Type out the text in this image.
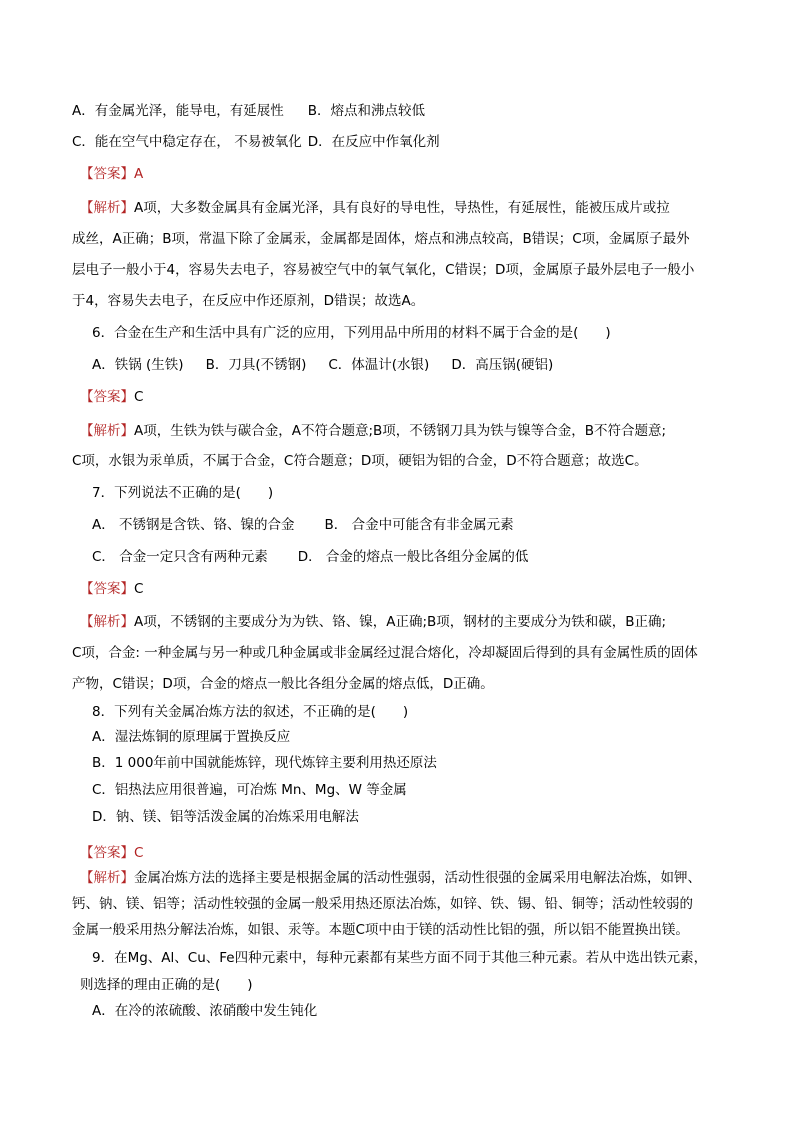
A．有金属光泽，能导电，有延展性 B．熔点和沸点较低
C．能在空气中稳定存在， 不易被氧化 D．在反应中作氧化剂
【答案】A
【解析】A项，大多数金属具有金属光泽，具有良好的导电性，导热性，有延展性，能被压成片或拉
成丝，A正确；B项，常温下除了金属汞，金属都是固体，熔点和沸点较高，B错误；C项，金属原子最外
层电子一般小于4，容易失去电子，容易被空气中的氧气氧化，C错误；D项，金属原子最外层电子一般小
于4，容易失去电子，在反应中作还原剂，D错误；故选A。
6．合金在生产和生活中具有广泛的应用，下列用品中所用的材料不属于合金的是(　　)
A．铁锅 (生铁) B．刀具(不锈钢) C．体温计(水银) D．高压锅(硬铝)
【答案】C
【解析】A项，生铁为铁与碳合金，A不符合题意;B项，不锈钢刀具为铁与镍等合金，B不符合题意;
C项，水银为汞单质，不属于合金，C符合题意；D项，硬铝为铝的合金，D不符合题意；故选C。
7．下列说法不正确的是(　　)
A． 不锈钢是含铁、铬、镍的合金 B． 合金中可能含有非金属元素
C． 合金一定只含有两种元素 D． 合金的熔点一般比各组分金属的低
【答案】C
【解析】A项，不锈钢的主要成分为为铁、铬、镍，A正确;B项，钢材的主要成分为铁和碳，B正确;
C项，合金: 一种金属与另一种或几种金属或非金属经过混合熔化，冷却凝固后得到的具有金属性质的固体
产物，C错误；D项，合金的熔点一般比各组分金属的熔点低，D正确。
8．下列有关金属冶炼方法的叙述，不正确的是(　　)
A．湿法炼铜的原理属于置换反应
B．1 000年前中国就能炼锌，现代炼锌主要利用热还原法
C．铝热法应用很普遍，可冶炼 Mn、Mg、W 等金属
D．钠、镁、铝等活泼金属的冶炼采用电解法
【答案】C
【解析】金属冶炼方法的选择主要是根据金属的活动性强弱，活动性很强的金属采用电解法冶炼，如钾、
钙、钠、镁、铝等；活动性较强的金属一般采用热还原法冶炼，如锌、铁、锡、铅、铜等；活动性较弱的
金属一般采用热分解法冶炼，如银、汞等。本题C项中由于镁的活动性比铝的强，所以铝不能置换出镁。
9．在Mg、Al、Cu、Fe四种元素中，每种元素都有某些方面不同于其他三种元素。若从中选出铁元素，
则选择的理由正确的是(　　)
A．在冷的浓硫酸、浓硝酸中发生钝化
